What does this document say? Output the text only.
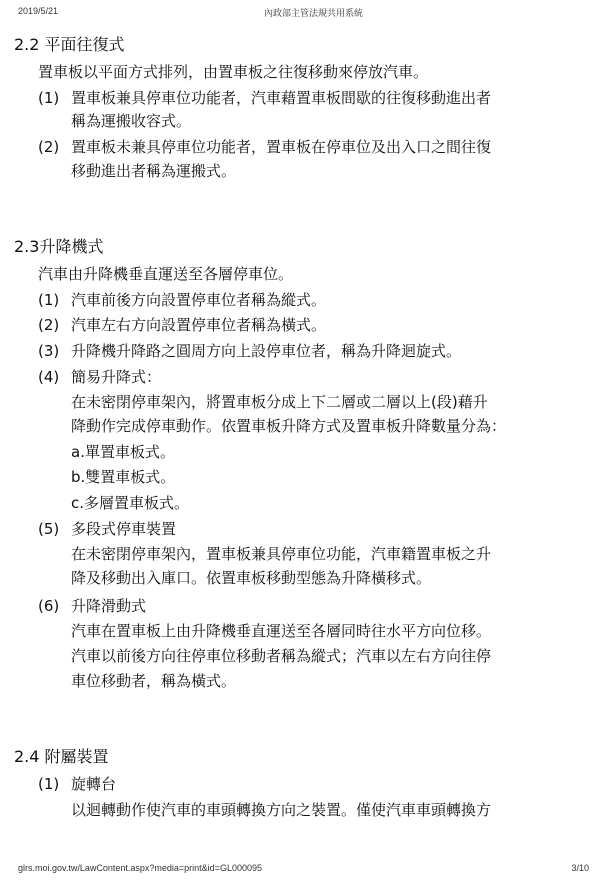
2019/5/21	內政部主管法規共用系統
2.2 平面往復式
置車板以平面方式排列，由置車板之往復移動來停放汽車。
(1) 置車板兼具停車位功能者，汽車藉置車板間歇的往復移動進出者
稱為運搬收容式。
(2) 置車板未兼具停車位功能者，置車板在停車位及出入口之間往復
移動進出者稱為運搬式。
2.3升降機式
汽車由升降機垂直運送至各層停車位。
(1) 汽車前後方向設置停車位者稱為縱式。
(2) 汽車左右方向設置停車位者稱為橫式。
(3) 升降機升降路之圓周方向上設停車位者，稱為升降迴旋式。
(4) 簡易升降式：
在未密閉停車架內，將置車板分成上下二層或二層以上(段)藉升
降動作完成停車動作。依置車板升降方式及置車板升降數量分為：
a.單置車板式。
b.雙置車板式。
c.多層置車板式。
(5) 多段式停車裝置
在未密閉停車架內，置車板兼具停車位功能，汽車籍置車板之升
降及移動出入庫口。依置車板移動型態為升降橫移式。
(6) 升降滑動式
汽車在置車板上由升降機垂直運送至各層同時往水平方向位移。
汽車以前後方向往停車位移動者稱為縱式；汽車以左右方向往停
車位移動者，稱為橫式。
2.4 附屬裝置
(1) 旋轉台
以迴轉動作使汽車的車頭轉換方向之裝置。僅使汽車車頭轉換方
glrs.moi.gov.tw/LawContent.aspx?media=print&id=GL000095	3/10
